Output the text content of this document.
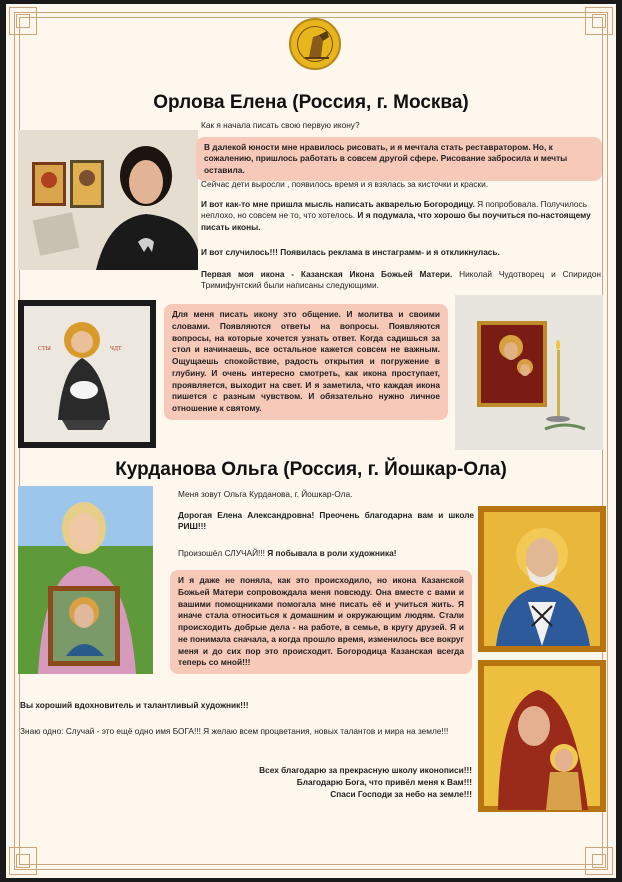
Орлова Елена (Россия, г. Москва)
Как я начала писать свою первую икону?
В далекой юности мне нравилось рисовать, и я мечтала стать реставратором. Но, к сожалению, пришлось работать в совсем другой сфере. Рисование забросила и мечты оставила.
Сейчас дети выросли , появилось время и я взялась за кисточки и краски.
И вот как-то мне пришла мысль написать акварелью Богородицу. Я попробовала. Получилось неплохо, но совсем не то, что хотелось. И я подумала, что хорошо бы поучиться по-настоящему писать иконы.
И вот случилось!!! Появилась реклама в инстаграмм- и я откликнулась.
Первая моя икона - Казанская Икона Божьей Матери. Николай Чудотворец и Спиридон Тримифунтский были написаны следующими.
СТЫ	ЧДТ
Для меня писать икону это общение. И молитва и своими словами. Появляются ответы на вопросы. Появляются вопросы, на которые хочется узнать ответ. Когда садишься за стол и начинаешь, все остальное кажется совсем не важным. Ощущаешь спокойствие, радость открытия и погружение в глубину. И очень интересно смотреть, как икона проступает, проявляется, выходит на свет. И я заметила, что каждая икона пишется с разным чувством. И обязательно нужно личное отношение к святому.
Курданова Ольга (Россия, г. Йошкар-Ола)
Меня зовут Ольга Курданова, г. Йошкар-Ола.
Дорогая Елена Александровна! Преочень благодарна вам и школе РИШ!!!
Произошёл СЛУЧАЙ!!! Я побывала в роли художника!
И я даже не поняла, как это происходило, но икона Казанской Божьей Матери сопровождала меня повсюду. Она вместе с вами и вашими помощниками помогала мне писать её и учиться жить. Я иначе стала относиться к домашним и окружающим людям. Стали происходить добрые дела - на работе, в семье, в кругу друзей. Я и не понимала сначала, а когда прошло время, изменилось все вокруг меня и до сих пор это происходит. Богородица Казанская всегда теперь со мной!!!
Вы хороший вдохновитель и талантливый художник!!!
Знаю одно: Случай - это ещё одно имя БОГА!!! Я желаю всем процветания, новых талантов и мира на земле!!!
Всех благодарю за прекрасную школу иконописи!!!
Благодарю Бога, что привёл меня к Вам!!!
Спаси Господи за небо на земле!!!
